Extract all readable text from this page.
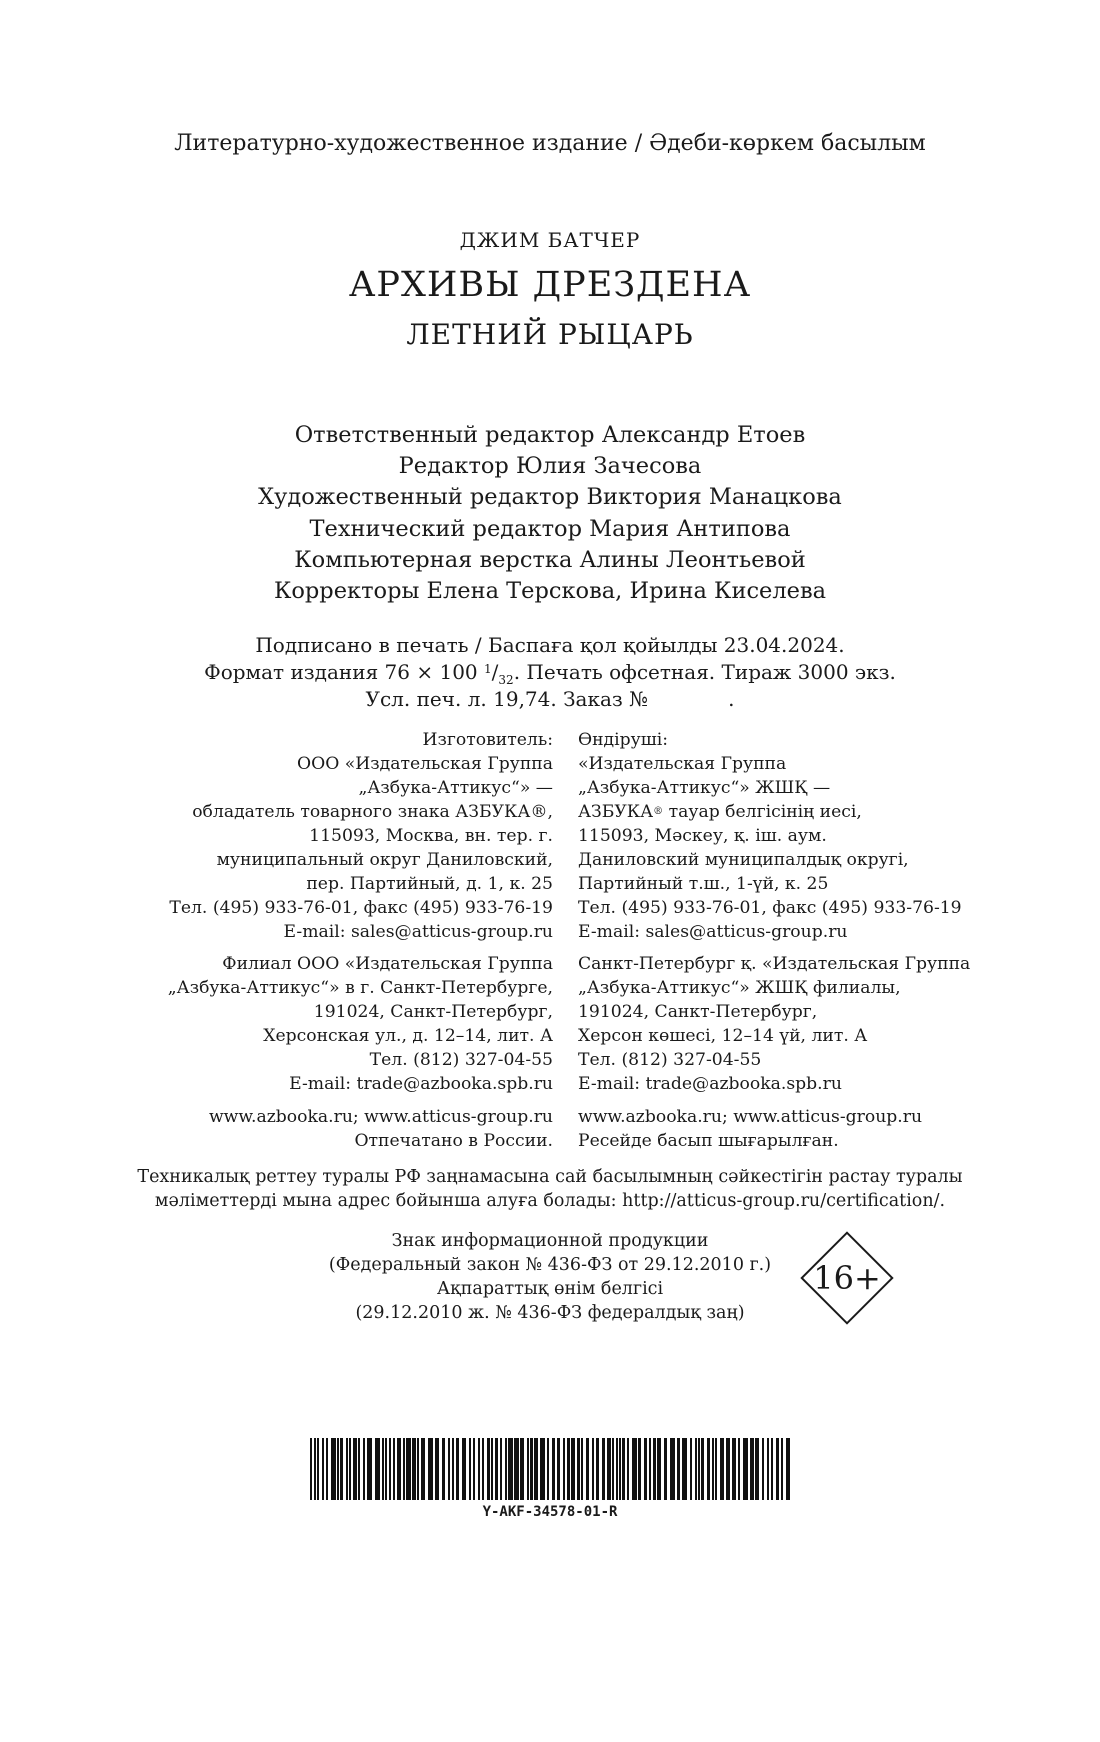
Литературно-художественное издание / Әдеби-көркем басылым
ДЖИМ БАТЧЕР
АРХИВЫ ДРЕЗДЕНА
ЛЕТНИЙ РЫЦАРЬ
Ответственный редактор Александр Етоев
Редактор Юлия Зачесова
Художественный редактор Виктория Манацкова
Технический редактор Мария Антипова
Компьютерная верстка Алины Леонтьевой
Корректоры Елена Терскова, Ирина Киселева
Подписано в печать / Баспаға қол қойылды 23.04.2024.
Формат издания 76 × 100 1/32. Печать офсетная. Тираж 3000 экз.
Усл. печ. л. 19,74. Заказ №	.
Изготовитель:
ООО «Издательская Группа
„Азбука-Аттикус“» —
обладатель товарного знака АЗБУКА®,
115093, Москва, вн. тер. г.
муниципальный округ Даниловский,
пер. Партийный, д. 1, к. 25
Тел. (495) 933-76-01, факс (495) 933-76-19
E-mail: sales@atticus-group.ru
Филиал ООО «Издательская Группа
„Азбука-Аттикус“» в г. Санкт-Петербурге,
191024, Санкт-Петербург,
Херсонская ул., д. 12–14, лит. А
Тел. (812) 327-04-55
E-mail: trade@azbooka.spb.ru
www.azbooka.ru; www.atticus-group.ru
Отпечатано в России.
Өндіруші:
«Издательская Группа
„Азбука-Аттикус“» ЖШҚ —
АЗБУКА® тауар белгісінің иесі,
115093, Мәскеу, қ. іш. аум.
Даниловский муниципалдық округі,
Партийный т.ш., 1-үй, к. 25
Тел. (495) 933-76-01, факс (495) 933-76-19
E-mail: sales@atticus-group.ru
Санкт-Петербург қ. «Издательская Группа
„Азбука-Аттикус“» ЖШҚ филиалы,
191024, Санкт-Петербург,
Херсон көшесі, 12–14 үй, лит. А
Тел. (812) 327-04-55
E-mail: trade@azbooka.spb.ru
www.azbooka.ru; www.atticus-group.ru
Ресейде басып шығарылған.
Техникалық реттеу туралы РФ заңнамасына сай басылымның сәйкестігін растау туралы
мәліметтерді мына адрес бойынша алуға болады: http://atticus-group.ru/certification/.
Знак информационной продукции
(Федеральный закон № 436-ФЗ от 29.12.2010 г.)
Ақпараттық өнім белгісі
(29.12.2010 ж. № 436-ФЗ федералдық заң)
16+
Y-AKF-34578-01-R
